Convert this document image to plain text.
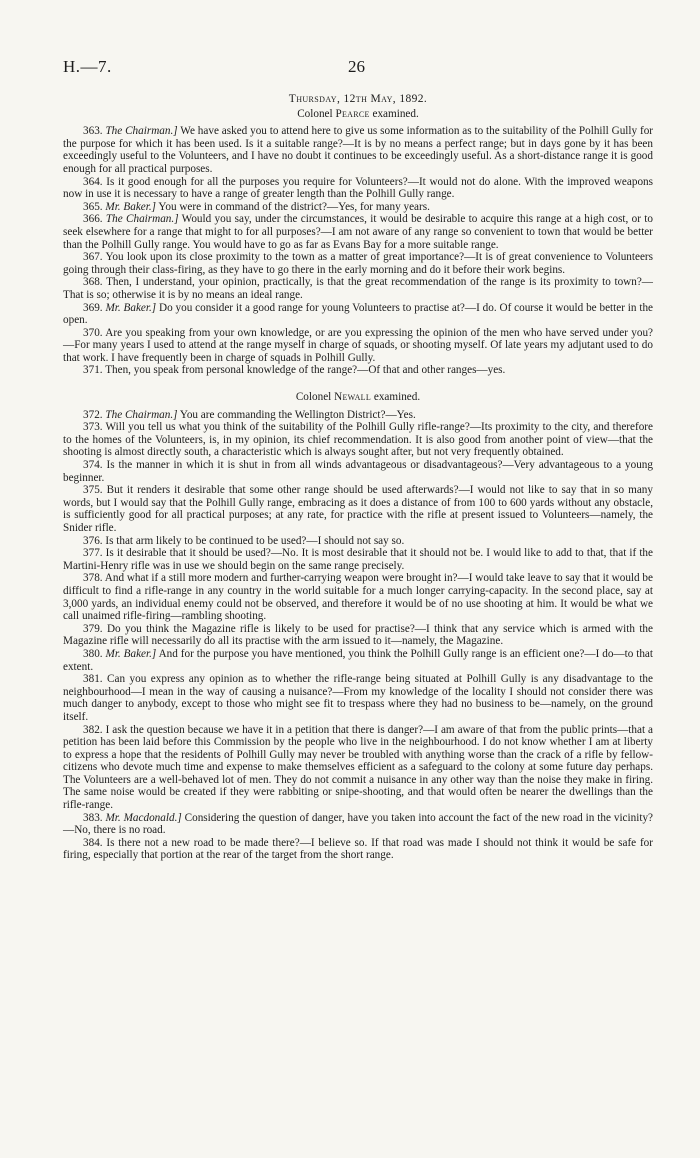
H.—7.	26
Thursday, 12th May, 1892.
Colonel Pearce examined.

363. The Chairman.] We have asked you to attend here to give us some information as to the suitability of the Polhill Gully for the purpose for which it has been used. Is it a suitable range?—It is by no means a perfect range; but in days gone by it has been exceedingly useful to the Volunteers, and I have no doubt it continues to be exceedingly useful. As a short-distance range it is good enough for all practical purposes.

364. Is it good enough for all the purposes you require for Volunteers?—It would not do alone. With the improved weapons now in use it is necessary to have a range of greater length than the Polhill Gully range.

365. Mr. Baker.] You were in command of the district?—Yes, for many years.

366. The Chairman.] Would you say, under the circumstances, it would be desirable to acquire this range at a high cost, or to seek elsewhere for a range that might to for all purposes?—I am not aware of any range so convenient to town that would be better than the Polhill Gully range. You would have to go as far as Evans Bay for a more suitable range.

367. You look upon its close proximity to the town as a matter of great importance?—It is of great convenience to Volunteers going through their class-firing, as they have to go there in the early morning and do it before their work begins.

368. Then, I understand, your opinion, practically, is that the great recommendation of the range is its proximity to town?—That is so; otherwise it is by no means an ideal range.

369. Mr. Baker.] Do you consider it a good range for young Volunteers to practise at?—I do. Of course it would be better in the open.

370. Are you speaking from your own knowledge, or are you expressing the opinion of the men who have served under you?—For many years I used to attend at the range myself in charge of squads, or shooting myself. Of late years my adjutant used to do that work. I have frequently been in charge of squads in Polhill Gully.

371. Then, you speak from personal knowledge of the range?—Of that and other ranges—yes.

Colonel Newall examined.

372. The Chairman.] You are commanding the Wellington District?—Yes.

373. Will you tell us what you think of the suitability of the Polhill Gully rifle-range?—Its proximity to the city, and therefore to the homes of the Volunteers, is, in my opinion, its chief recommendation. It is also good from another point of view—that the shooting is almost directly south, a characteristic which is always sought after, but not very frequently obtained.

374. Is the manner in which it is shut in from all winds advantageous or disadvantageous?—Very advantageous to a young beginner.

375. But it renders it desirable that some other range should be used afterwards?—I would not like to say that in so many words, but I would say that the Polhill Gully range, embracing as it does a distance of from 100 to 600 yards without any obstacle, is sufficiently good for all practical purposes; at any rate, for practice with the rifle at present issued to Volunteers—namely, the Snider rifle.

376. Is that arm likely to be continued to be used?—I should not say so.

377. Is it desirable that it should be used?—No. It is most desirable that it should not be. I would like to add to that, that if the Martini-Henry rifle was in use we should begin on the same range precisely.

378. And what if a still more modern and further-carrying weapon were brought in?—I would take leave to say that it would be difficult to find a rifle-range in any country in the world suitable for a much longer carrying-capacity. In the second place, say at 3,000 yards, an individual enemy could not be observed, and therefore it would be of no use shooting at him. It would be what we call unaimed rifle-firing—rambling shooting.

379. Do you think the Magazine rifle is likely to be used for practise?—I think that any service which is armed with the Magazine rifle will necessarily do all its practise with the arm issued to it—namely, the Magazine.

380. Mr. Baker.] And for the purpose you have mentioned, you think the Polhill Gully range is an efficient one?—I do—to that extent.

381. Can you express any opinion as to whether the rifle-range being situated at Polhill Gully is any disadvantage to the neighbourhood—I mean in the way of causing a nuisance?—From my knowledge of the locality I should not consider there was much danger to anybody, except to those who might see fit to trespass where they had no business to be—namely, on the ground itself.

382. I ask the question because we have it in a petition that there is danger?—I am aware of that from the public prints—that a petition has been laid before this Commission by the people who live in the neighbourhood. I do not know whether I am at liberty to express a hope that the residents of Polhill Gully may never be troubled with anything worse than the crack of a rifle by fellow-citizens who devote much time and expense to make themselves efficient as a safeguard to the colony at some future day perhaps. The Volunteers are a well-behaved lot of men. They do not commit a nuisance in any other way than the noise they make in firing. The same noise would be created if they were rabbiting or snipe-shooting, and that would often be nearer the dwellings than the rifle-range.

383. Mr. Macdonald.] Considering the question of danger, have you taken into account the fact of the new road in the vicinity?—No, there is no road.

384. Is there not a new road to be made there?—I believe so. If that road was made I should not think it would be safe for firing, especially that portion at the rear of the target from the short range.
